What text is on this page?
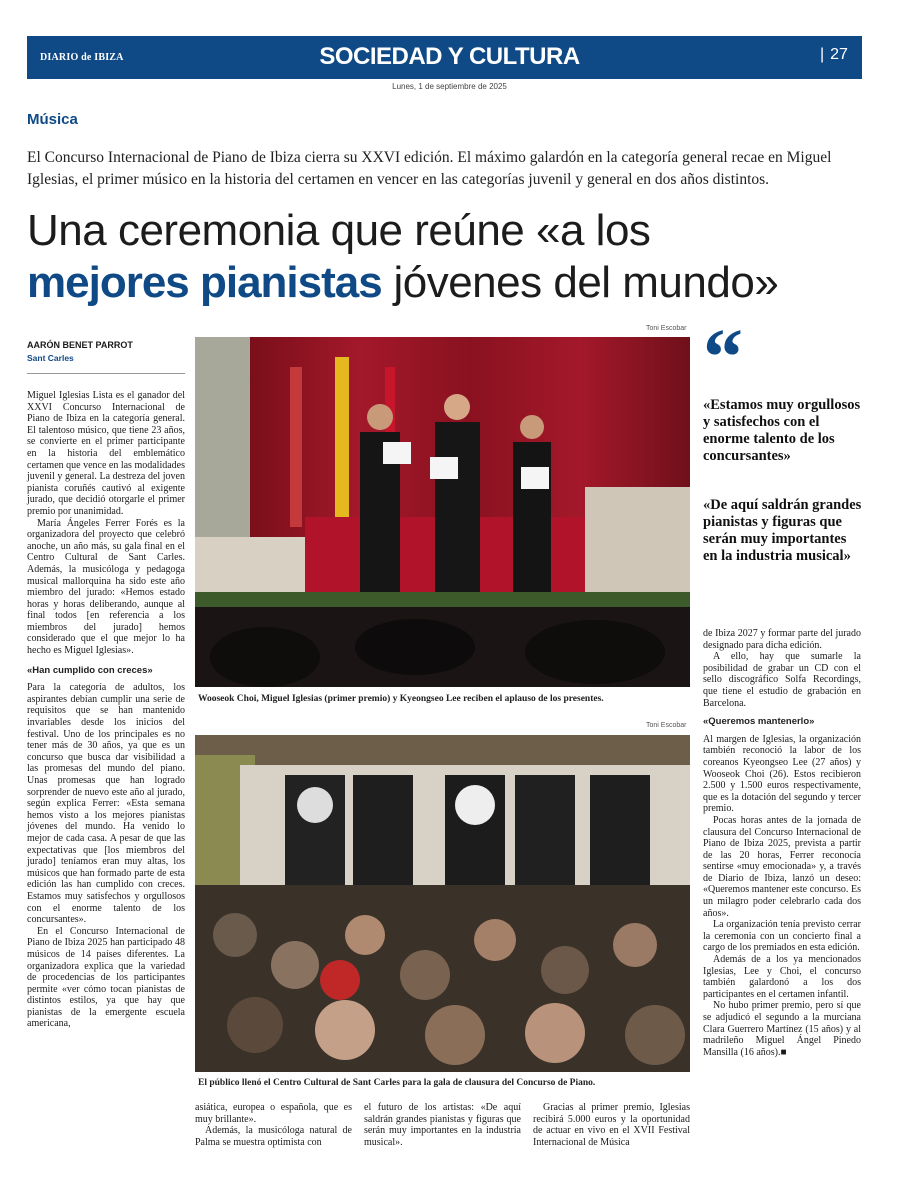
DIARIO de IBIZA	SOCIEDAD Y CULTURA
|	27
Lunes, 1 de septiembre de 2025
Música
El Concurso Internacional de Piano de Ibiza cierra su XXVI edición. El máximo galardón en la categoría general recae en Miguel Iglesias, el primer músico en la historia del certamen en vencer en las categorías juvenil y general en dos años distintos.
Una ceremonia que reúne «a los
mejores pianistas jóvenes del mundo»
AARÓN BENET PARROT
Sant Carles

Miguel Iglesias Lista es el ganador del XXVI Concurso Internacional de Piano de Ibiza en la categoría general. El talentoso músico, que tiene 23 años, se convierte en el primer participante en la historia del emblemático certamen que vence en las modalidades juvenil y general. La destreza del joven pianista coruñés cautivó al exigente jurado, que decidió otorgarle el primer premio por unanimidad.

María Ángeles Ferrer Forés es la organizadora del proyecto que celebró anoche, un año más, su gala final en el Centro Cultural de Sant Carles. Además, la musicóloga y pedagoga musical mallorquina ha sido este año miembro del jurado: «Hemos estado horas y horas deliberando, aunque al final todos [en referencia a los miembros del jurado] hemos considerado que el que mejor lo ha hecho es Miguel Iglesias».

«Han cumplido con creces»

Para la categoría de adultos, los aspirantes debían cumplir una serie de requisitos que se han mantenido invariables desde los inicios del festival. Uno de los principales es no tener más de 30 años, ya que es un concurso que busca dar visibilidad a las promesas del mundo del piano. Unas promesas que han logrado sorprender de nuevo este año al jurado, según explica Ferrer: «Esta semana hemos visto a los mejores pianistas jóvenes del mundo. Ha venido lo mejor de cada casa. A pesar de que las expectativas que [los miembros del jurado] teníamos eran muy altas, los músicos que han formado parte de esta edición las han cumplido con creces. Estamos muy satisfechos y orgullosos con el enorme talento de los concursantes».

En el Concurso Internacional de Piano de Ibiza 2025 han participado 48 músicos de 14 países diferentes. La organizadora explica que la variedad de procedencias de los participantes permite «ver cómo tocan pianistas de distintos estilos, ya que hay que pianistas de la emergente escuela americana,

Toni Escobar
Wooseok Choi, Miguel Iglesias (primer premio) y Kyeongseo Lee reciben el aplauso de los presentes.
Toni Escobar
El público llenó el Centro Cultural de Sant Carles para la gala de clausura del Concurso de Piano.

asiática, europea o española, que es muy brillante».

Además, la musicóloga natural de Palma se muestra optimista con

el futuro de los artistas: «De aquí saldrán grandes pianistas y figuras que serán muy importantes en la industria musical».

Gracias al primer premio, Iglesias recibirá 5.000 euros y la oportunidad de actuar en vivo en el XVII Festival Internacional de Música

“
«Estamos muy orgullosos y satisfechos con el enorme talento de los concursantes»
«De aquí saldrán grandes pianistas y figuras que serán muy importantes en la industria musical»

de Ibiza 2027 y formar parte del jurado designado para dicha edición.

A ello, hay que sumarle la posibilidad de grabar un CD con el sello discográfico Solfa Recordings, que tiene el estudio de grabación en Barcelona.

«Queremos mantenerlo»

Al margen de Iglesias, la organización también reconoció la labor de los coreanos Kyeongseo Lee (27 años) y Wooseok Choi (26). Estos recibieron 2.500 y 1.500 euros respectivamente, que es la dotación del segundo y tercer premio.

Pocas horas antes de la jornada de clausura del Concurso Internacional de Piano de Ibiza 2025, prevista a partir de las 20 horas, Ferrer reconocía sentirse «muy emocionada» y, a través de Diario de Ibiza, lanzó un deseo: «Queremos mantener este concurso. Es un milagro poder celebrarlo cada dos años».

La organización tenía previsto cerrar la ceremonia con un concierto final a cargo de los premiados en esta edición.

Además de a los ya mencionados Iglesias, Lee y Choi, el concurso también galardonó a los dos participantes en el certamen infantil.

No hubo primer premio, pero sí que se adjudicó el segundo a la murciana Clara Guerrero Martínez (15 años) y al madrileño Miguel Ángel Pinedo Mansilla (16 años).■
